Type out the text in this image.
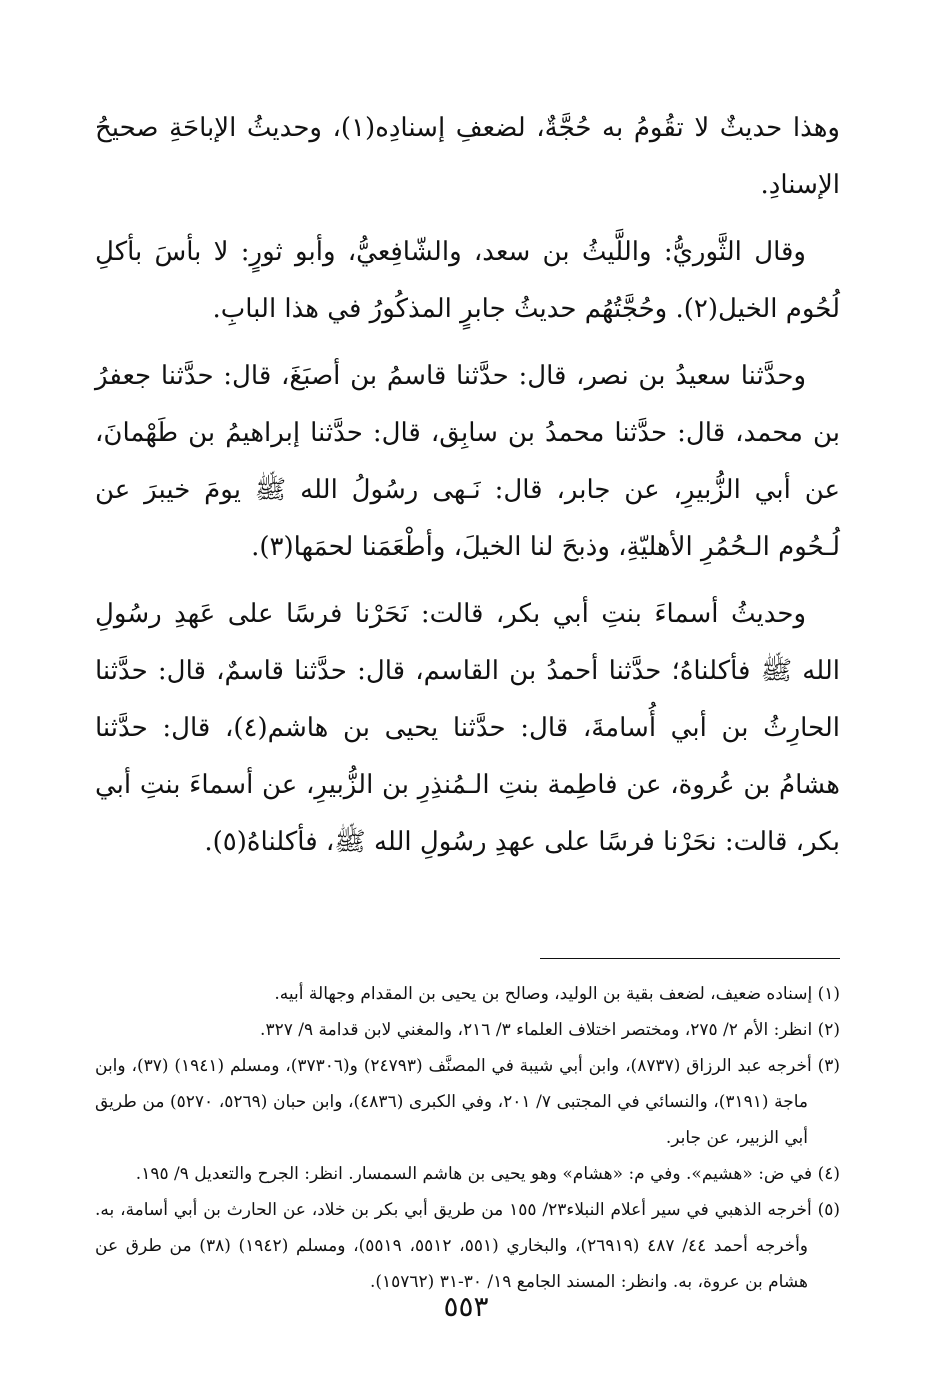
وهذا حديثٌ لا تقُومُ به حُجَّةٌ، لضعفِ إسنادِه(١)، وحديثُ الإباحَةِ صحيحُ الإسنادِ.

وقال الثَّوريُّ: واللَّيثُ بن سعد، والشّافِعيُّ، وأبو ثورٍ: لا بأسَ بأكلِ لُحُوم الخيل(٢). وحُجَّتُهُم حديثُ جابرٍ المذكُورُ في هذا البابِ.

وحدَّثنا سعيدُ بن نصر، قال: حدَّثنا قاسمُ بن أصبَغَ، قال: حدَّثنا جعفرُ بن محمد، قال: حدَّثنا محمدُ بن سابِق، قال: حدَّثنا إبراهيمُ بن طَهْمانَ، عن أبي الزُّبيرِ، عن جابر، قال: نَـهى رسُولُ الله ﷺ يومَ خيبرَ عن لُـحُوم الـحُمُرِ الأهليّةِ، وذبحَ لنا الخيلَ، وأطْعَمَنا لحمَها(٣).

وحديثُ أسماءَ بنتِ أبي بكر، قالت: نَحَرْنا فرسًا على عَهدِ رسُولِ الله ﷺ فأكلناهُ؛ حدَّثنا أحمدُ بن القاسم، قال: حدَّثنا قاسمٌ، قال: حدَّثنا الحارِثُ بن أبي أُسامةَ، قال: حدَّثنا يحيى بن هاشم(٤)، قال: حدَّثنا هشامُ بن عُروة، عن فاطِمة بنتِ الـمُنذِرِ بن الزُّبيرِ، عن أسماءَ بنتِ أبي بكر، قالت: نحَرْنا فرسًا على عهدِ رسُولِ الله ﷺ، فأكلناهُ(٥).

(١) إسناده ضعيف، لضعف بقية بن الوليد، وصالح بن يحيى بن المقدام وجهالة أبيه.

(٢) انظر: الأم ٢/ ٢٧٥، ومختصر اختلاف العلماء ٣/ ٢١٦، والمغني لابن قدامة ٩/ ٣٢٧.

(٣) أخرجه عبد الرزاق (٨٧٣٧)، وابن أبي شيبة في المصنَّف (٢٤٧٩٣) و(٣٧٣٠٦)، ومسلم (١٩٤١) (٣٧)، وابن ماجة (٣١٩١)، والنسائي في المجتبى ٧/ ٢٠١، وفي الكبرى (٤٨٣٦)، وابن حبان (٥٢٦٩، ٥٢٧٠) من طريق أبي الزبير، عن جابر.

(٤) في ض: «هشيم». وفي م: «هشام» وهو يحيى بن هاشم السمسار. انظر: الجرح والتعديل ٩/ ١٩٥.

(٥) أخرجه الذهبي في سير أعلام النبلاء٢٣/ ١٥٥ من طريق أبي بكر بن خلاد، عن الحارث بن أبي أسامة، به. وأخرجه أحمد ٤٤/ ٤٨٧ (٢٦٩١٩)، والبخاري (٥٥١، ٥٥١٢، ٥٥١٩)، ومسلم (١٩٤٢) (٣٨) من طرق عن هشام بن عروة، به. وانظر: المسند الجامع ١٩/ ٣٠-٣١ (١٥٧٦٢).

٥٥٣
